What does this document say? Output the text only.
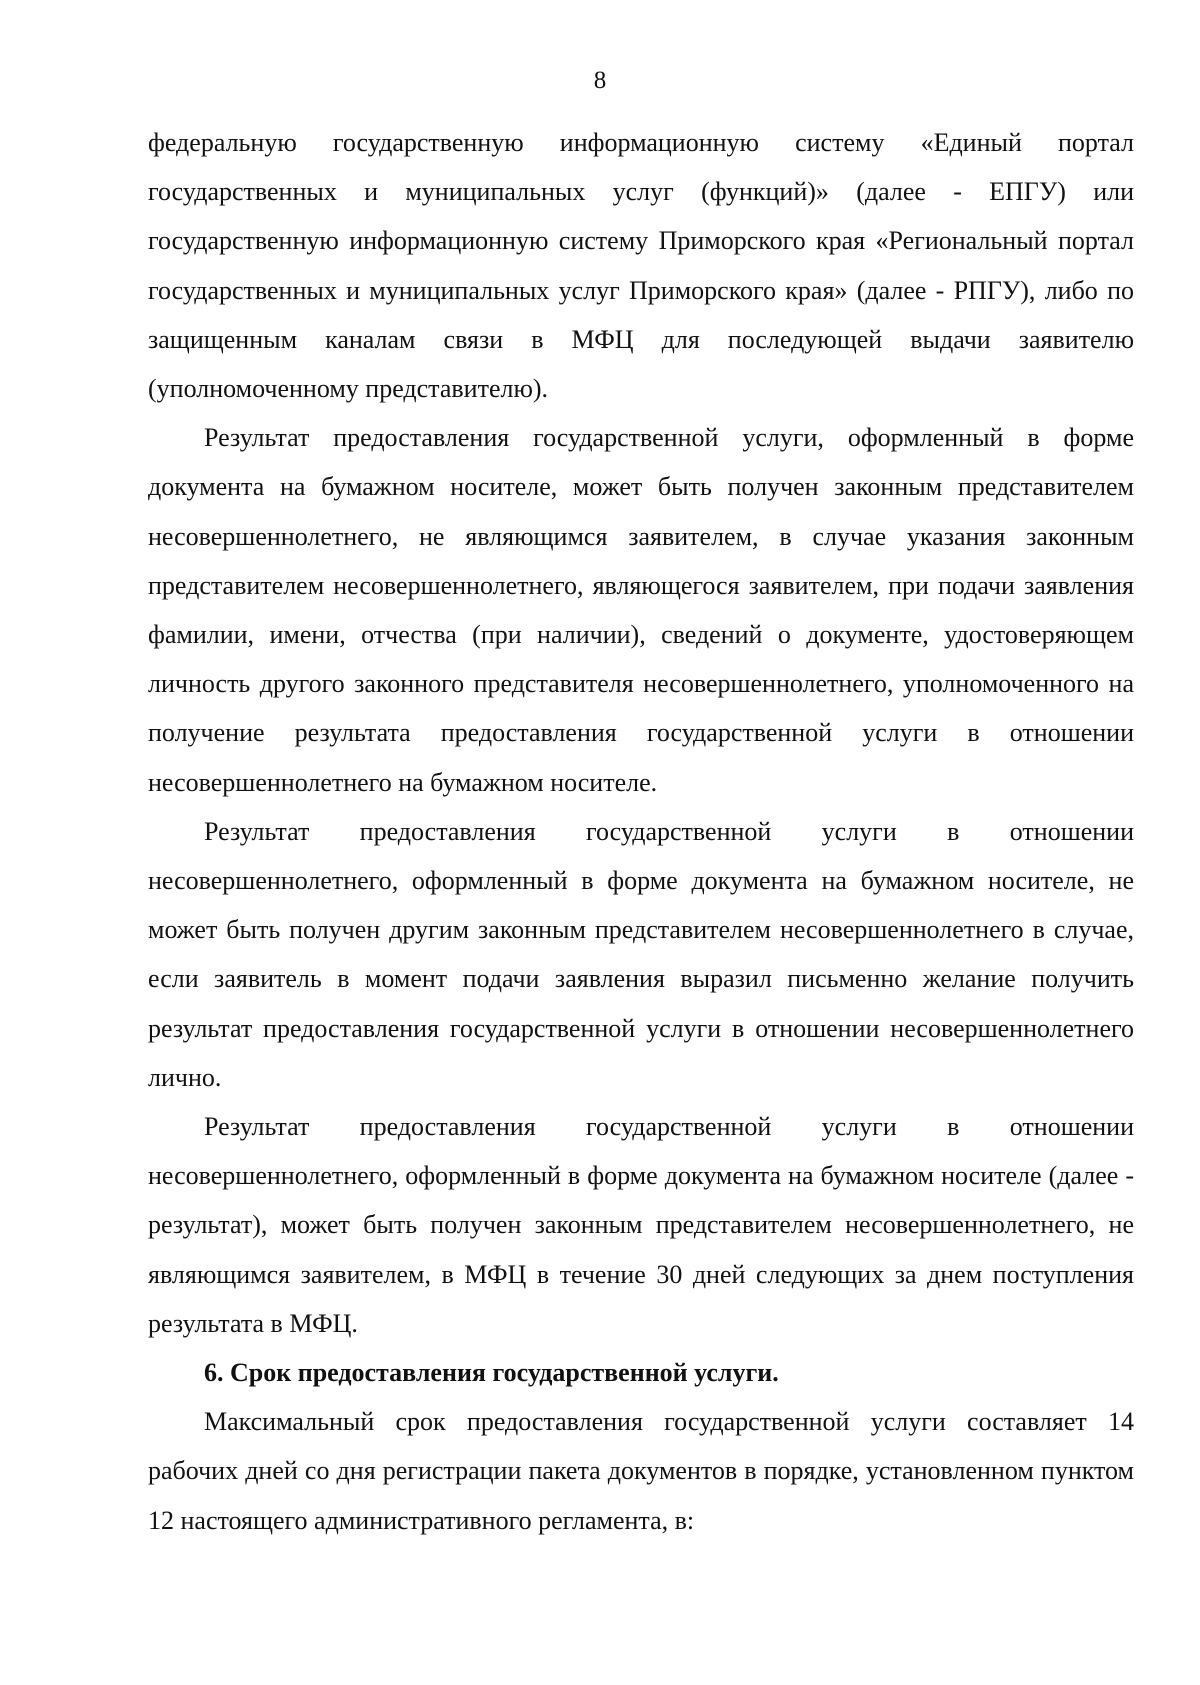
8

федеральную государственную информационную систему «Единый портал государственных и муниципальных услуг (функций)» (далее - ЕПГУ) или государственную информационную систему Приморского края «Региональный портал государственных и муниципальных услуг Приморского края» (далее - РПГУ), либо по защищенным каналам связи в МФЦ для последующей выдачи заявителю (уполномоченному представителю).

Результат предоставления государственной услуги, оформленный в форме документа на бумажном носителе, может быть получен законным представителем несовершеннолетнего, не являющимся заявителем, в случае указания законным представителем несовершеннолетнего, являющегося заявителем, при подачи заявления фамилии, имени, отчества (при наличии), сведений о документе, удостоверяющем личность другого законного представителя несовершеннолетнего, уполномоченного на получение результата предоставления государственной услуги в отношении несовершеннолетнего на бумажном носителе.

Результат предоставления государственной услуги в отношении несовершеннолетнего, оформленный в форме документа на бумажном носителе, не может быть получен другим законным представителем несовершеннолетнего в случае, если заявитель в момент подачи заявления выразил письменно желание получить результат предоставления государственной услуги в отношении несовершеннолетнего лично.

Результат предоставления государственной услуги в отношении несовершеннолетнего, оформленный в форме документа на бумажном носителе (далее - результат), может быть получен законным представителем несовершеннолетнего, не являющимся заявителем, в МФЦ в течение 30 дней следующих за днем поступления результата в МФЦ.

6. Срок предоставления государственной услуги.

Максимальный срок предоставления государственной услуги составляет 14 рабочих дней со дня регистрации пакета документов в порядке, установленном пунктом 12 настоящего административного регламента, в:
